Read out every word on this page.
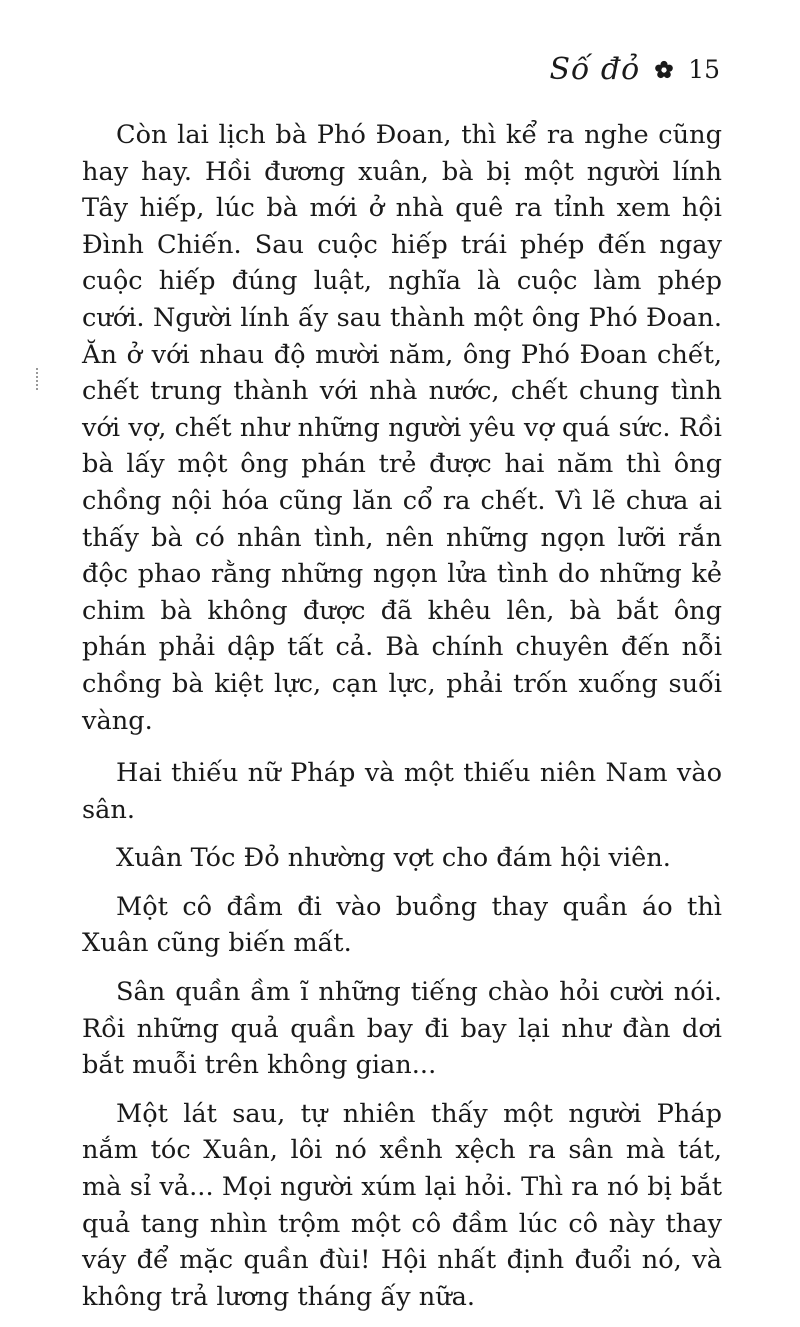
Số đỏ 15

Còn lai lịch bà Phó Đoan, thì kể ra nghe cũng hay hay. Hồi đương xuân, bà bị một người lính Tây hiếp, lúc bà mới ở nhà quê ra tỉnh xem hội Đình Chiến. Sau cuộc hiếp trái phép đến ngay cuộc hiếp đúng luật, nghĩa là cuộc làm phép cưới. Người lính ấy sau thành một ông Phó Đoan. Ăn ở với nhau độ mười năm, ông Phó Đoan chết, chết trung thành với nhà nước, chết chung tình với vợ, chết như những người yêu vợ quá sức. Rồi bà lấy một ông phán trẻ được hai năm thì ông chồng nội hóa cũng lăn cổ ra chết. Vì lẽ chưa ai thấy bà có nhân tình, nên những ngọn lưỡi rắn độc phao rằng những ngọn lửa tình do những kẻ chim bà không được đã khêu lên, bà bắt ông phán phải dập tất cả. Bà chính chuyên đến nỗi chồng bà kiệt lực, cạn lực, phải trốn xuống suối vàng.

Hai thiếu nữ Pháp và một thiếu niên Nam vào sân.

Xuân Tóc Đỏ nhường vợt cho đám hội viên.

Một cô đầm đi vào buồng thay quần áo thì Xuân cũng biến mất.

Sân quần ầm ĩ những tiếng chào hỏi cười nói. Rồi những quả quần bay đi bay lại như đàn dơi bắt muỗi trên không gian...

Một lát sau, tự nhiên thấy một người Pháp nắm tóc Xuân, lôi nó xềnh xệch ra sân mà tát, mà sỉ vả... Mọi người xúm lại hỏi. Thì ra nó bị bắt quả tang nhìn trộm một cô đầm lúc cô này thay váy để mặc quần đùi! Hội nhất định đuổi nó, và không trả lương tháng ấy nữa.
